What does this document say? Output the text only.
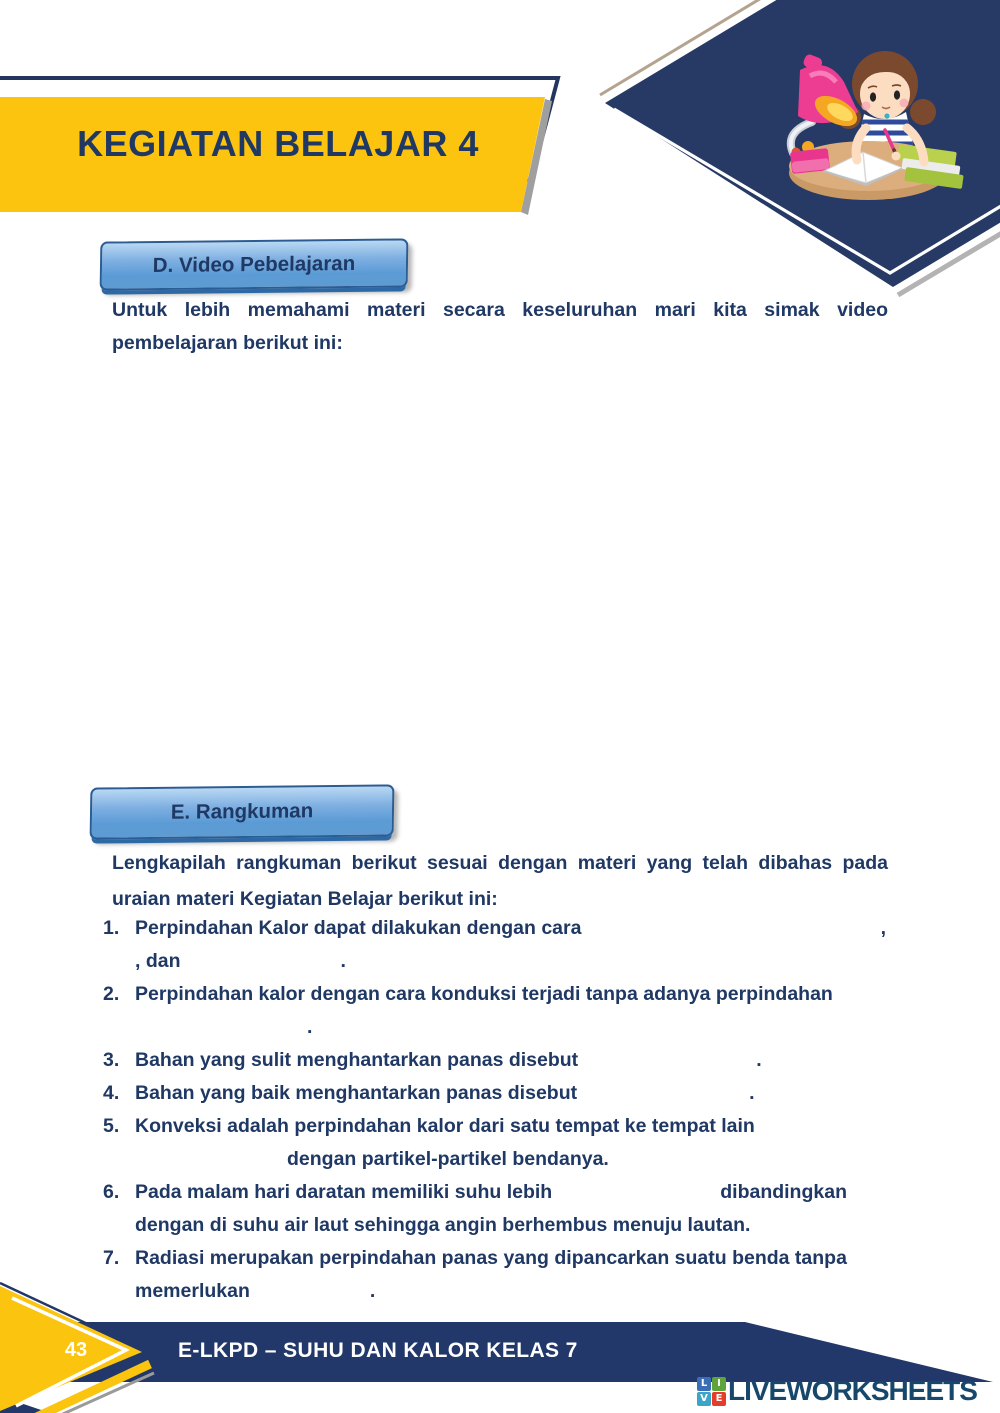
KEGIATAN BELAJAR 4
D. Video Pebelajaran
Untuk lebih memahami materi secara keseluruhan mari kita simak video
pembelajaran berikut ini:
E. Rangkuman
Lengkapilah rangkuman berikut sesuai dengan materi yang telah dibahas pada
uraian materi Kegiatan Belajar berikut ini:
1. Perpindahan Kalor dapat dilakukan dengan cara	,
, dan	.
2. Perpindahan kalor dengan cara konduksi terjadi tanpa adanya perpindahan
.
3. Bahan yang sulit menghantarkan panas disebut	.
4. Bahan yang baik menghantarkan panas disebut	.
5. Konveksi adalah perpindahan kalor dari satu tempat ke tempat lain
dengan partikel-partikel bendanya.
6. Pada malam hari daratan memiliki suhu lebih	dibandingkan
dengan di suhu air laut sehingga angin berhembus menuju lautan.
7. Radiasi merupakan perpindahan panas yang dipancarkan suatu benda tanpa
memerlukan	.
43	E-LKPD – SUHU DAN KALOR KELAS 7
L I
V E LIVEWORKSHEETS
